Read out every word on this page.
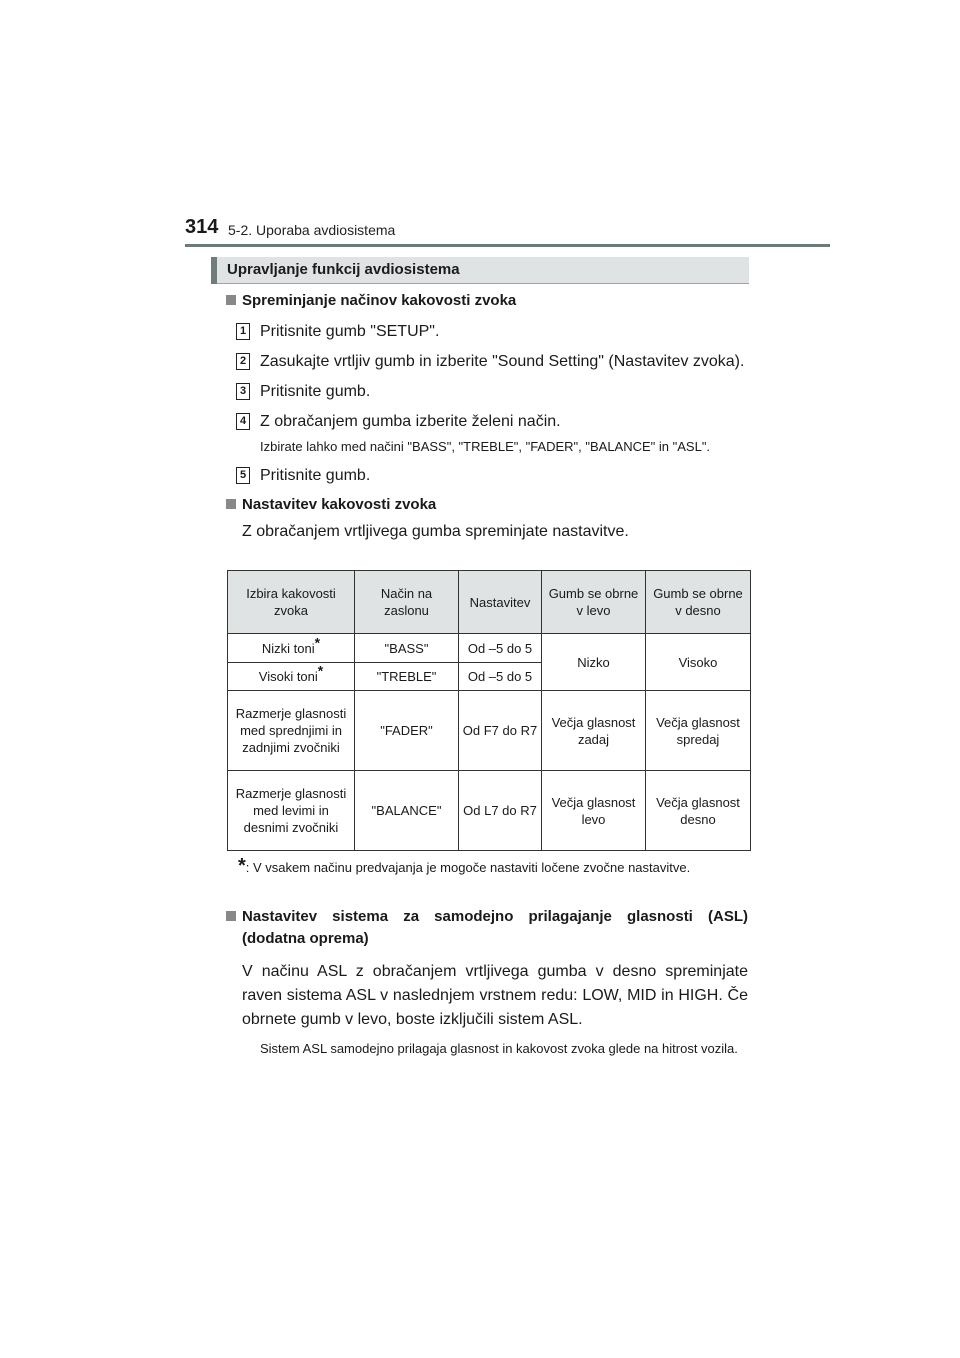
314 5-2. Uporaba avdiosistema
Upravljanje funkcij avdiosistema
Spreminjanje načinov kakovosti zvoka
1 Pritisnite gumb "SETUP".
2 Zasukajte vrtljiv gumb in izberite "Sound Setting" (Nastavitev zvoka).
3 Pritisnite gumb.
4 Z obračanjem gumba izberite želeni način.
Izbirate lahko med načini "BASS", "TREBLE", "FADER", "BALANCE" in "ASL".
5 Pritisnite gumb.
Nastavitev kakovosti zvoka
Z obračanjem vrtljivega gumba spreminjate nastavitve.
Izbira kakovosti zvoka	Način na zaslonu	Nastavitev	Gumb se obrne v levo	Gumb se obrne v desno
Nizki toni*	"BASS"	Od –5 do 5	Nizko	Visoko
Visoki toni*	"TREBLE"	Od –5 do 5		
Razmerje glasnosti med sprednjimi in zadnjimi zvočniki	"FADER"	Od F7 do R7	Večja glasnost zadaj	Večja glasnost spredaj
Razmerje glasnosti med levimi in desnimi zvočniki	"BALANCE"	Od L7 do R7	Večja glasnost levo	Večja glasnost desno
*: V vsakem načinu predvajanja je mogoče nastaviti ločene zvočne nastavitve.
Nastavitev sistema za samodejno prilagajanje glasnosti (ASL) (dodatna oprema)
V načinu ASL z obračanjem vrtljivega gumba v desno spreminjate raven sistema ASL v naslednjem vrstnem redu: LOW, MID in HIGH. Če obrnete gumb v levo, boste izključili sistem ASL.
Sistem ASL samodejno prilagaja glasnost in kakovost zvoka glede na hitrost vozila.
